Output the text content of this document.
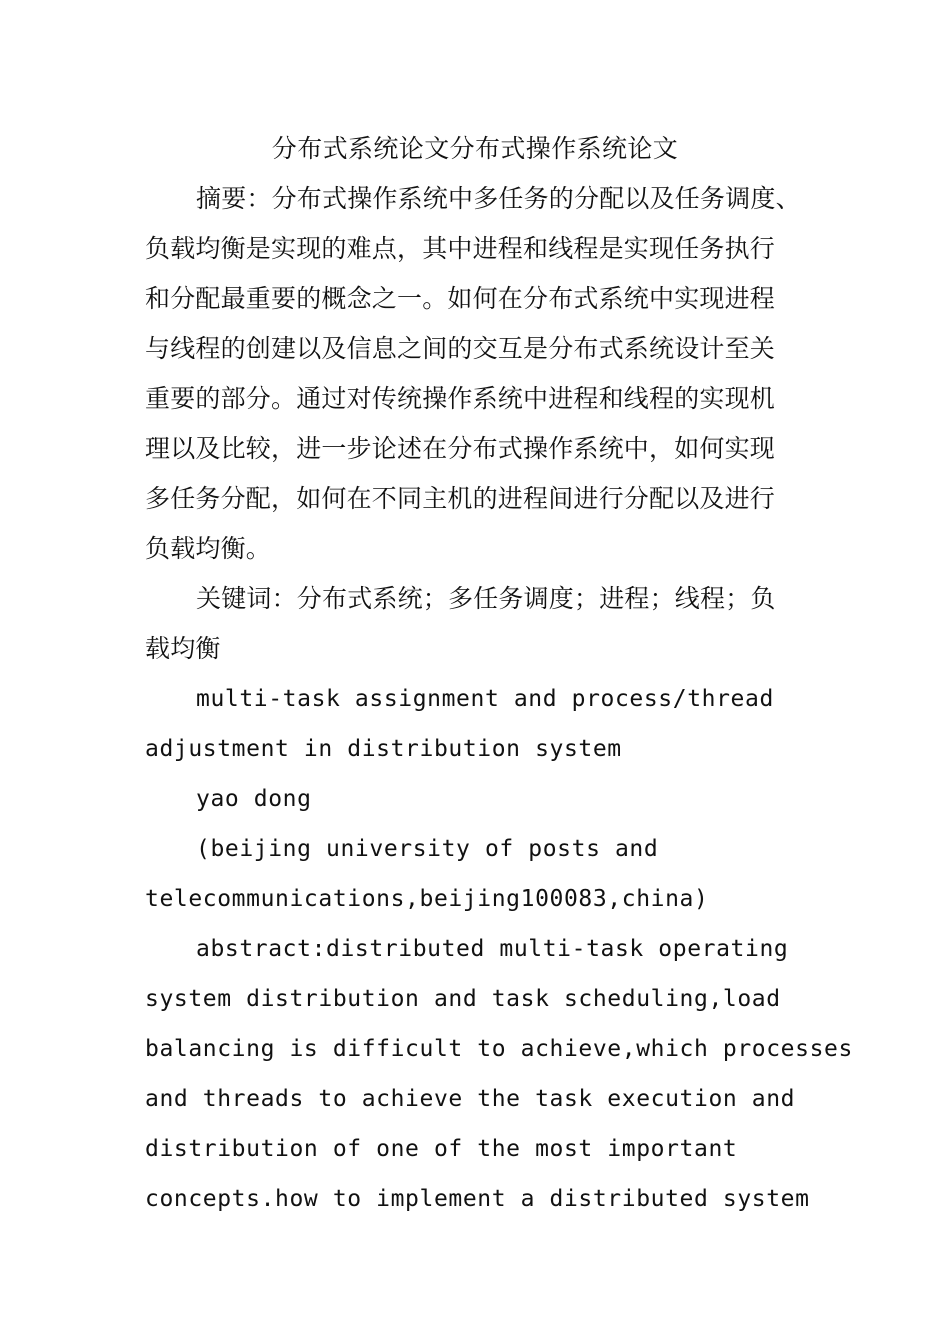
分布式系统论文分布式操作系统论文
摘要：分布式操作系统中多任务的分配以及任务调度、
负载均衡是实现的难点，其中进程和线程是实现任务执行
和分配最重要的概念之一。如何在分布式系统中实现进程
与线程的创建以及信息之间的交互是分布式系统设计至关
重要的部分。通过对传统操作系统中进程和线程的实现机
理以及比较，进一步论述在分布式操作系统中，如何实现
多任务分配，如何在不同主机的进程间进行分配以及进行
负载均衡。
关键词：分布式系统；多任务调度；进程；线程；负
载均衡
multi-task assignment and process/thread
adjustment in distribution system
yao dong
(beijing university of posts and
telecommunications,beijing100083,china)
abstract:distributed multi-task operating
system distribution and task scheduling,load
balancing is difficult to achieve,which processes
and threads to achieve the task execution and
distribution of one of the most important
concepts.how to implement a distributed system
